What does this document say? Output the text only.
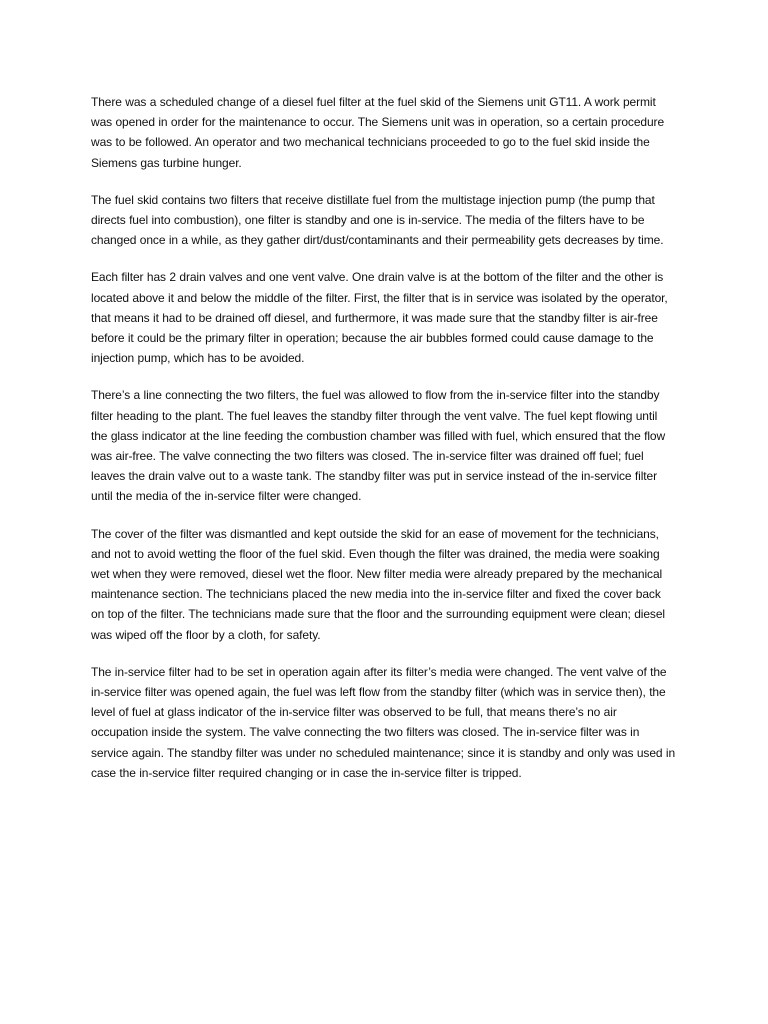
There was a scheduled change of a diesel fuel filter at the fuel skid of the Siemens unit GT11. A work permit was opened in order for the maintenance to occur. The Siemens unit was in operation, so a certain procedure was to be followed. An operator and two mechanical technicians proceeded to go to the fuel skid inside the Siemens gas turbine hunger.

The fuel skid contains two filters that receive distillate fuel from the multistage injection pump (the pump that directs fuel into combustion), one filter is standby and one is in-service. The media of the filters have to be changed once in a while, as they gather dirt/dust/contaminants and their permeability gets decreases by time.

Each filter has 2 drain valves and one vent valve. One drain valve is at the bottom of the filter and the other is located above it and below the middle of the filter. First, the filter that is in service was isolated by the operator, that means it had to be drained off diesel, and furthermore, it was made sure that the standby filter is air-free before it could be the primary filter in operation; because the air bubbles formed could cause damage to the injection pump, which has to be avoided.

There’s a line connecting the two filters, the fuel was allowed to flow from the in-service filter into the standby filter heading to the plant. The fuel leaves the standby filter through the vent valve. The fuel kept flowing until the glass indicator at the line feeding the combustion chamber was filled with fuel, which ensured that the flow was air-free. The valve connecting the two filters was closed. The in-service filter was drained off fuel; fuel leaves the drain valve out to a waste tank. The standby filter was put in service instead of the in-service filter until the media of the in-service filter were changed.

The cover of the filter was dismantled and kept outside the skid for an ease of movement for the technicians, and not to avoid wetting the floor of the fuel skid. Even though the filter was drained, the media were soaking wet when they were removed, diesel wet the floor. New filter media were already prepared by the mechanical maintenance section. The technicians placed the new media into the in-service filter and fixed the cover back on top of the filter. The technicians made sure that the floor and the surrounding equipment were clean; diesel was wiped off the floor by a cloth, for safety.

The in-service filter had to be set in operation again after its filter’s media were changed. The vent valve of the in-service filter was opened again, the fuel was left flow from the standby filter (which was in service then), the level of fuel at glass indicator of the in-service filter was observed to be full, that means there’s no air occupation inside the system. The valve connecting the two filters was closed. The in-service filter was in service again. The standby filter was under no scheduled maintenance; since it is standby and only was used in case the in-service filter required changing or in case the in-service filter is tripped.
